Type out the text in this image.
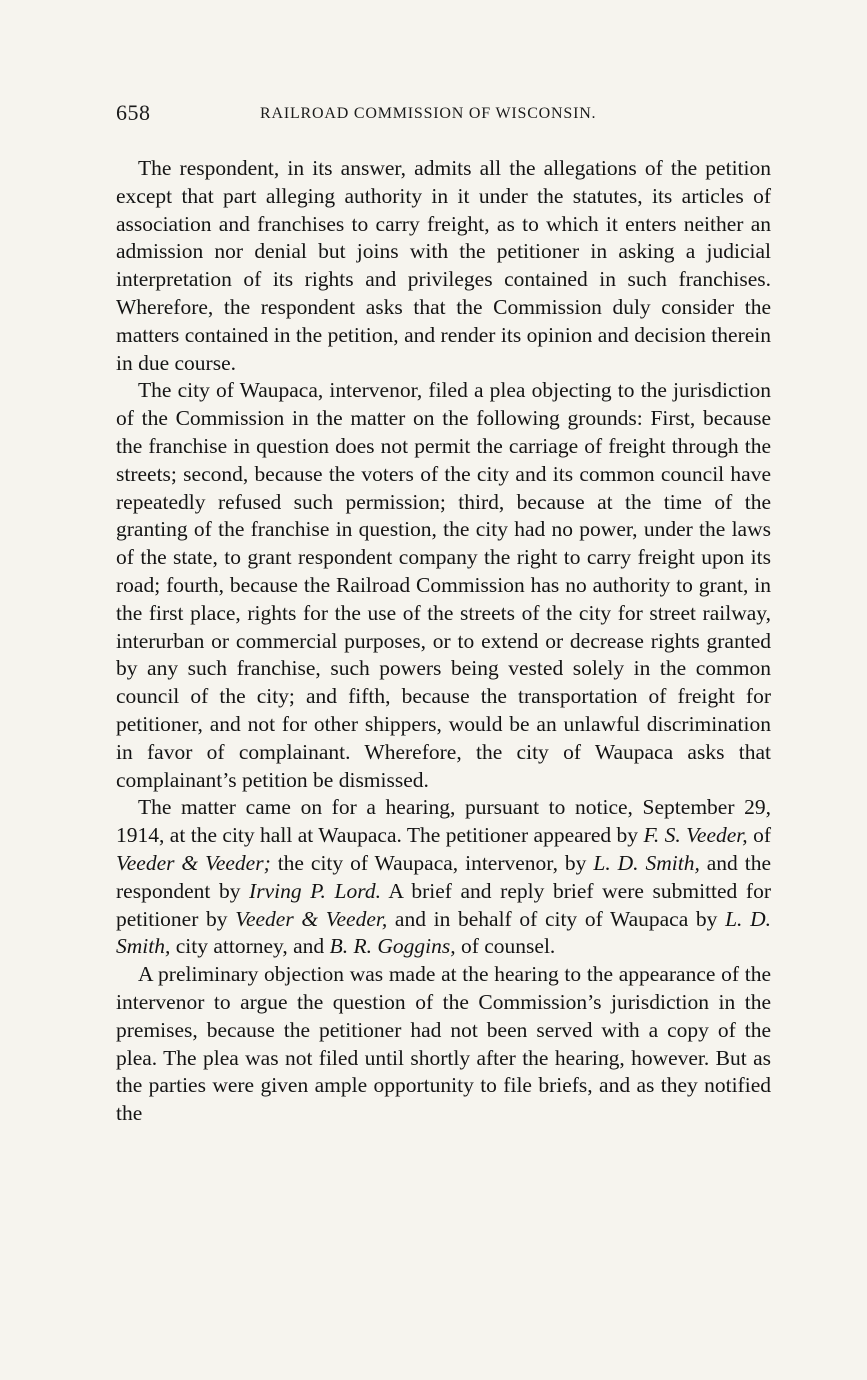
658	RAILROAD COMMISSION OF WISCONSIN.

The respondent, in its answer, admits all the allegations of the petition except that part alleging authority in it under the statutes, its articles of association and franchises to carry freight, as to which it enters neither an admission nor denial but joins with the petitioner in asking a judicial interpretation of its rights and privileges contained in such franchises. Wherefore, the respondent asks that the Commission duly consider the matters contained in the petition, and render its opinion and decision therein in due course.

The city of Waupaca, intervenor, filed a plea objecting to the jurisdiction of the Commission in the matter on the following grounds: First, because the franchise in question does not permit the carriage of freight through the streets; second, because the voters of the city and its common council have repeatedly refused such permission; third, because at the time of the granting of the franchise in question, the city had no power, under the laws of the state, to grant respondent company the right to carry freight upon its road; fourth, because the Railroad Commission has no authority to grant, in the first place, rights for the use of the streets of the city for street railway, interurban or commercial purposes, or to extend or decrease rights granted by any such franchise, such powers being vested solely in the common council of the city; and fifth, because the transportation of freight for petitioner, and not for other shippers, would be an unlawful discrimination in favor of complainant. Wherefore, the city of Waupaca asks that complainant’s petition be dismissed.

The matter came on for a hearing, pursuant to notice, September 29, 1914, at the city hall at Waupaca. The petitioner appeared by F. S. Veeder, of Veeder & Veeder; the city of Waupaca, intervenor, by L. D. Smith, and the respondent by Irving P. Lord. A brief and reply brief were submitted for petitioner by Veeder & Veeder, and in behalf of city of Waupaca by L. D. Smith, city attorney, and B. R. Goggins, of counsel.

A preliminary objection was made at the hearing to the appearance of the intervenor to argue the question of the Commission’s jurisdiction in the premises, because the petitioner had not been served with a copy of the plea. The plea was not filed until shortly after the hearing, however. But as the parties were given ample opportunity to file briefs, and as they notified the
